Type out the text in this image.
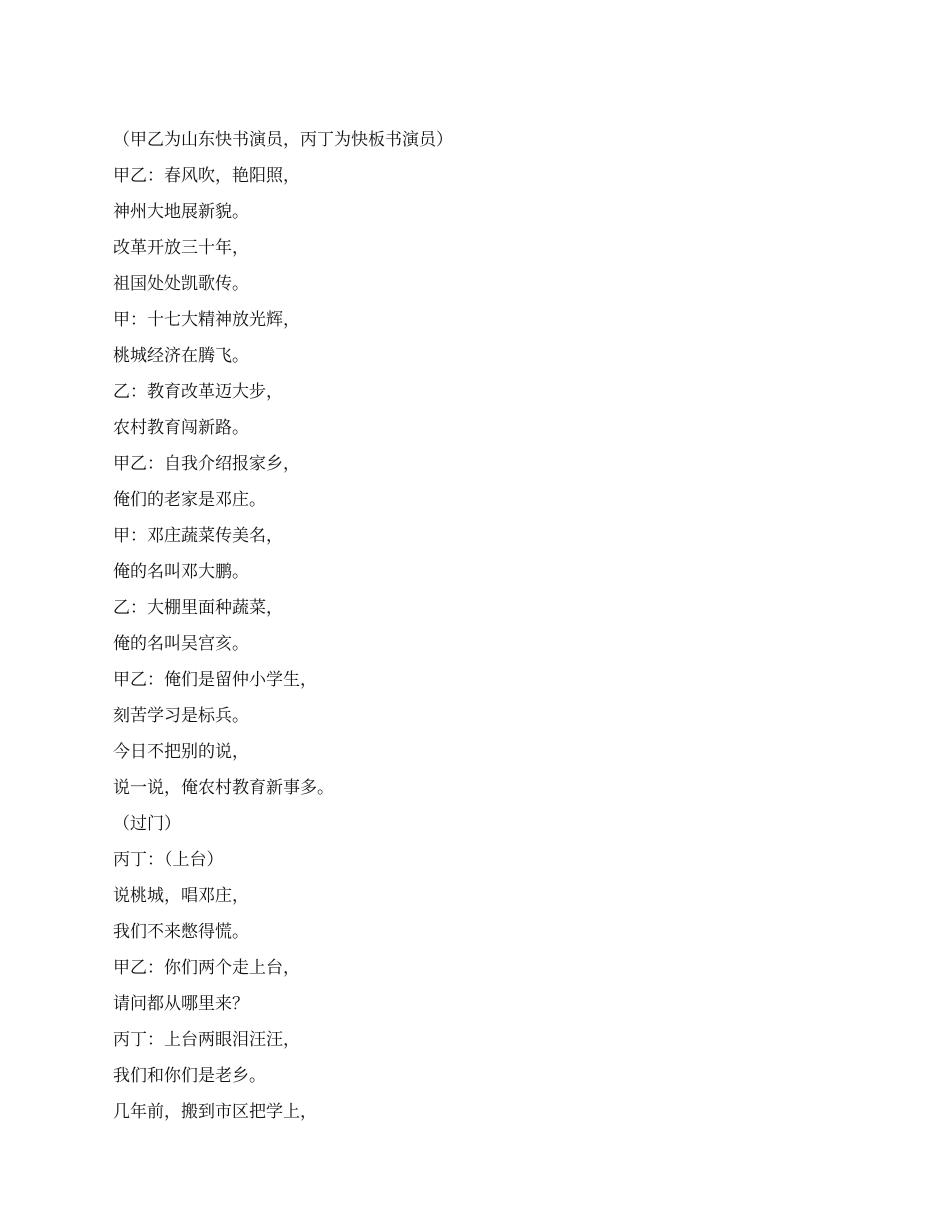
（甲乙为山东快书演员，丙丁为快板书演员）
甲乙：春风吹，艳阳照，
神州大地展新貌。
改革开放三十年，
祖国处处凯歌传。
甲：十七大精神放光辉，
桃城经济在腾飞。
乙：教育改革迈大步，
农村教育闯新路。
甲乙：自我介绍报家乡，
俺们的老家是邓庄。
甲：邓庄蔬菜传美名，
俺的名叫邓大鹏。
乙：大棚里面种蔬菜，
俺的名叫吴宫亥。
甲乙：俺们是留仲小学生，
刻苦学习是标兵。
今日不把别的说，
说一说，俺农村教育新事多。
（过门）
丙丁：（上台）
说桃城，唱邓庄，
我们不来憋得慌。
甲乙：你们两个走上台，
请问都从哪里来？
丙丁：上台两眼泪汪汪，
我们和你们是老乡。
几年前，搬到市区把学上，
